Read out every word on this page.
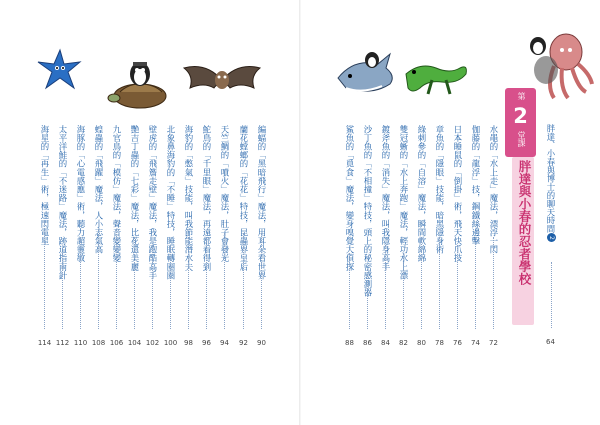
編蝠的「黑暗飛行」魔法，用耳朵看世界
90
蘭花螳螂的「花花」特技，昆蟲界皇后
92
天竺鯛的「噴火」魔法，肚子會發光
94
鮀鳥的「千里眼」魔法，再遠都看得到
96
海豹的「憋氣」技能，叫我節能潛水夫
98
北象鼻海豹的「不睡」特技，睡眠轉圈圈
100
壁虎的「飛簷走壁」魔法，我是跑酷高手
102
艷吉丁蟲的「七彩」魔法，比花還美麗
104
九官鳥的「模仿」魔法，聲音變變變
106
蝗蟲的「飛躍」魔法，人小志氣高
108
海豚的「心電感應」術，聽力超靈敏
110
太平洋鮭的「不迷路」魔法，跡道指南針
112
海星的「再生」術，極速閃電星
114
水黽的「水上走」魔法，漂浮一閃
72
伽藤的「龍浮」技，鋼鐵絲邊擊
74
日本睡鼠的「倒掛」術，飛天快爪技
76
章魚的「隱眼」技能，暗黑隱身術
78
綠刺參的「自溶」魔法，瞬間軟綿綿
80
雙冠蜥的「水上奔跑」魔法，輕功水上漂
82
鍍斧魚的「消失」魔法，叫我隱身高手
84
沙丁魚的「不相撞」特技，頭上的秘密感測器
86
鯊魚的「覓食」魔法，變身嗅覺大偵探
88
第
2
堂課
胖達與小春的忍者學校	胖達、小春與博士的聊天時間2
64
